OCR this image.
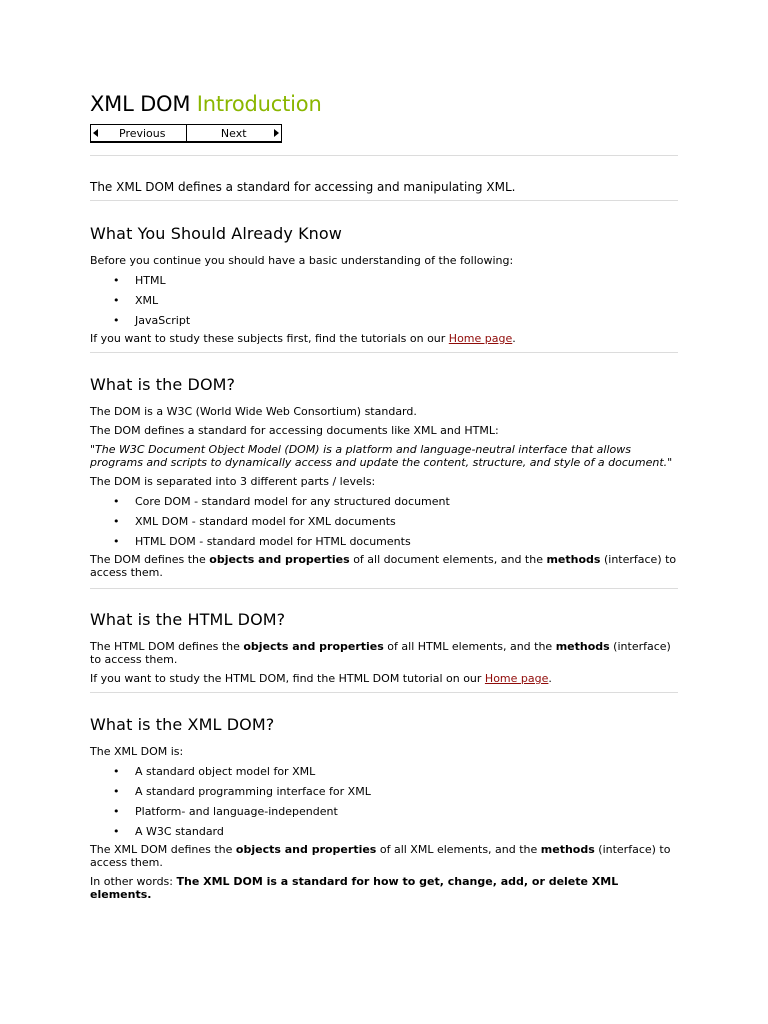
XML DOM Introduction
Previous	Next

The XML DOM defines a standard for accessing and manipulating XML.

What You Should Already Know

Before you continue you should have a basic understanding of the following:

• HTML
• XML
• JavaScript

If you want to study these subjects first, find the tutorials on our Home page.

What is the DOM?

The DOM is a W3C (World Wide Web Consortium) standard.

The DOM defines a standard for accessing documents like XML and HTML:

"The W3C Document Object Model (DOM) is a platform and language-neutral interface that allows programs and scripts to dynamically access and update the content, structure, and style of a document."

The DOM is separated into 3 different parts / levels:

• Core DOM - standard model for any structured document
• XML DOM - standard model for XML documents
• HTML DOM - standard model for HTML documents

The DOM defines the objects and properties of all document elements, and the methods (interface) to access them.

What is the HTML DOM?

The HTML DOM defines the objects and properties of all HTML elements, and the methods (interface) to access them.

If you want to study the HTML DOM, find the HTML DOM tutorial on our Home page.

What is the XML DOM?

The XML DOM is:

• A standard object model for XML
• A standard programming interface for XML
• Platform- and language-independent
• A W3C standard

The XML DOM defines the objects and properties of all XML elements, and the methods (interface) to access them.

In other words: The XML DOM is a standard for how to get, change, add, or delete XML elements.
